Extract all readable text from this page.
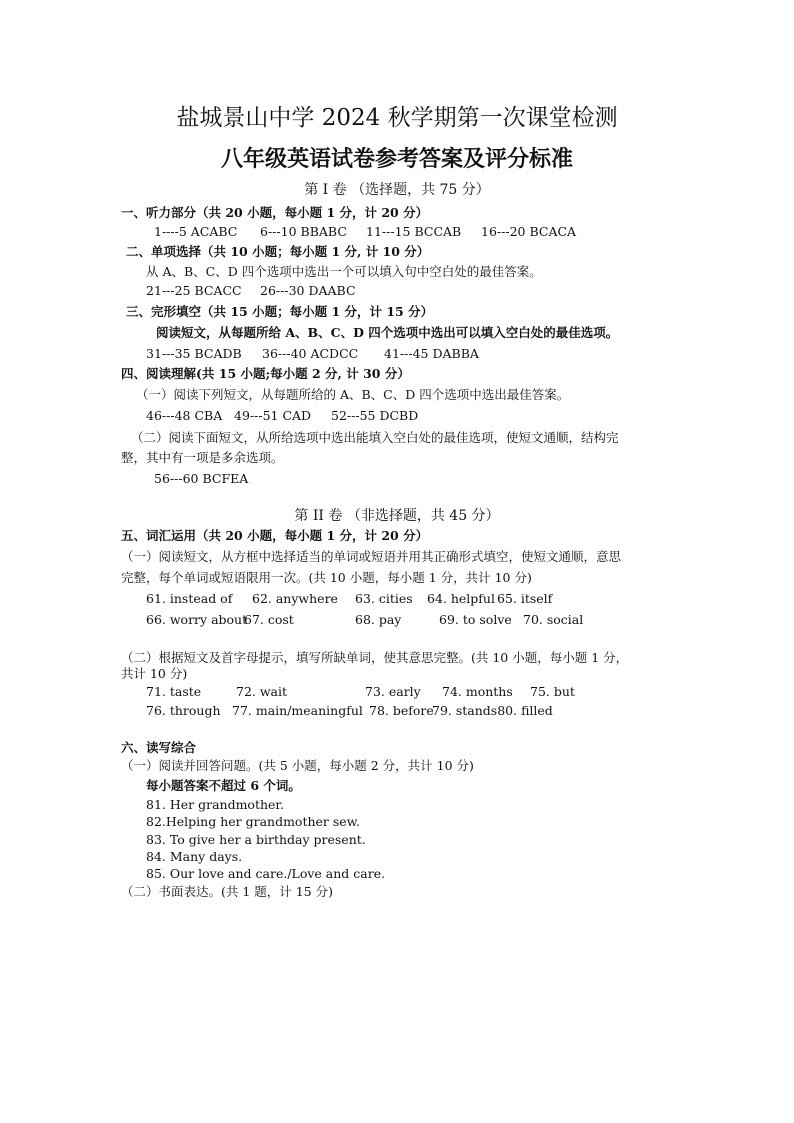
盐城景山中学 2024 秋学期第一次课堂检测
八年级英语试卷参考答案及评分标准
第 I 卷 （选择题，共 75 分）
一、听力部分（共 20 小题，每小题 1 分，计 20 分）
1----5 ACABC 6---10 BBABC 11---15 BCCAB 16---20 BCACA
二、单项选择（共 10 小题；每小题 1 分, 计 10 分）
从 A、B、C、D 四个选项中选出一个可以填入句中空白处的最佳答案。
21---25 BCACC 26---30 DAABC
三、完形填空（共 15 小题；每小题 1 分，计 15 分）
阅读短文，从每题所给 A、B、C、D 四个选项中选出可以填入空白处的最佳选项。
31---35 BCADB 36---40 ACDCC 41---45 DABBA
四、阅读理解(共 15 小题;每小题 2 分, 计 30 分）
（一）阅读下列短文，从每题所给的 A、B、C、D 四个选项中选出最佳答案。
46---48 CBA 49---51 CAD 52---55 DCBD
（二）阅读下面短文，从所给选项中选出能填入空白处的最佳选项，使短文通顺，结构完
整，其中有一项是多余选项。
56---60 BCFEA
第 II 卷 （非选择题，共 45 分）
五、词汇运用（共 20 小题，每小题 1 分，计 20 分）
（一）阅读短文，从方框中选择适当的单词或短语并用其正确形式填空，使短文通顺，意思
完整，每个单词或短语限用一次。(共 10 小题，每小题 1 分，共计 10 分)
61. instead of 62. anywhere 63. cities 64. helpful 65. itself
66. worry about67. cost	68. pay	69. to solve 70. social
（二）根据短文及首字母提示，填写所缺单词，使其意思完整。(共 10 小题，每小题 1 分，
共计 10 分)
71. taste	72. wait	73. early 74. months 75. but
76. through 77. main/meaningful 78. before79. stands80. filled
六、读写综合
（一）阅读并回答问题。(共 5 小题，每小题 2 分，共计 10 分)
每小题答案不超过 6 个词。
81. Her grandmother.
82.Helping her grandmother sew.
83. To give her a birthday present.
84. Many days.
85. Our love and care./Love and care.
（二）书面表达。(共 1 题，计 15 分)
